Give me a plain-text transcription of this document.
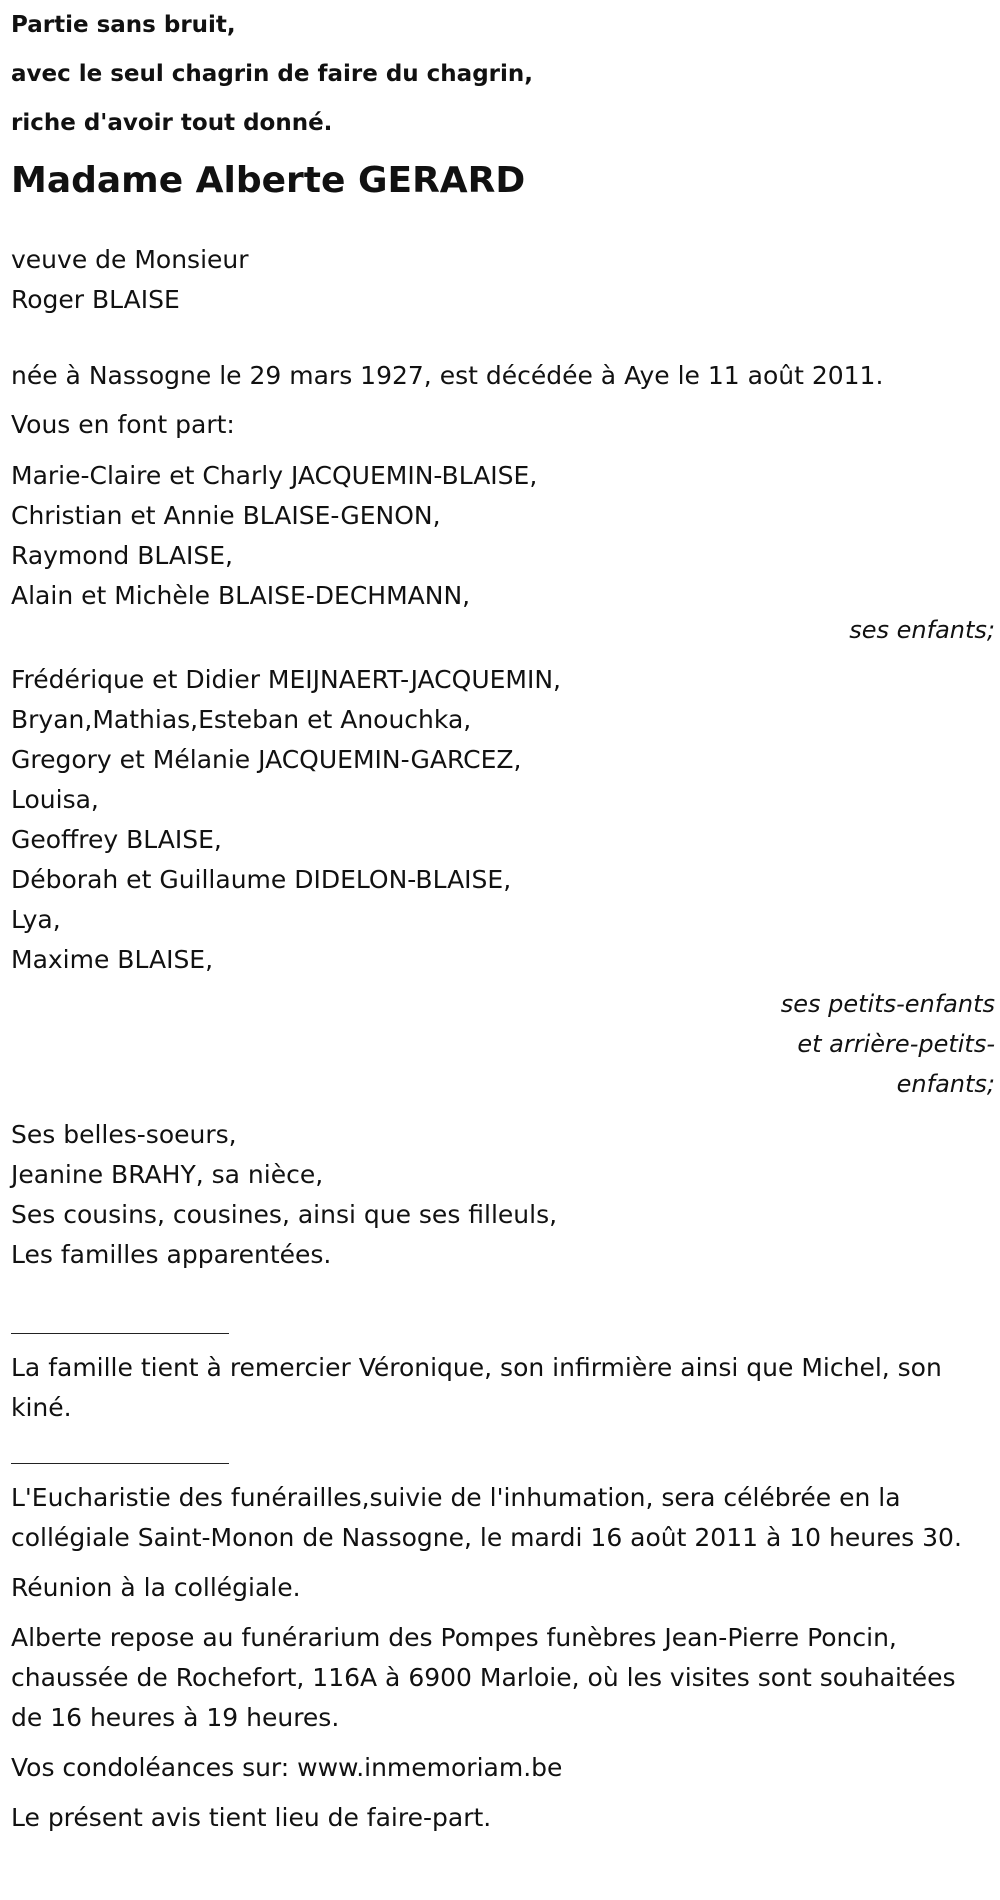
Partie sans bruit,
avec le seul chagrin de faire du chagrin,
riche d'avoir tout donné.
Madame Alberte GERARD
veuve de Monsieur
Roger BLAISE
née à Nassogne le 29 mars 1927, est décédée à Aye le 11 août 2011.
Vous en font part:
Marie-Claire et Charly JACQUEMIN-BLAISE,
Christian et Annie BLAISE-GENON,
Raymond BLAISE,
Alain et Michèle BLAISE-DECHMANN,
ses enfants;
Frédérique et Didier MEIJNAERT-JACQUEMIN,
Bryan,Mathias,Esteban et Anouchka,
Gregory et Mélanie JACQUEMIN-GARCEZ,
Louisa,
Geoffrey BLAISE,
Déborah et Guillaume DIDELON-BLAISE,
Lya,
Maxime BLAISE,
ses petits-enfants
et arrière-petits-
enfants;
Ses belles-soeurs,
Jeanine BRAHY, sa nièce,
Ses cousins, cousines, ainsi que ses filleuls,
Les familles apparentées.
La famille tient à remercier Véronique, son infirmière ainsi que Michel, son kiné.
L'Eucharistie des funérailles,suivie de l'inhumation, sera célébrée en la collégiale Saint-Monon de Nassogne, le mardi 16 août 2011 à 10 heures 30.
Réunion à la collégiale.
Alberte repose au funérarium des Pompes funèbres Jean-Pierre Poncin, chaussée de Rochefort, 116A à 6900 Marloie, où les visites sont souhaitées de 16 heures à 19 heures.
Vos condoléances sur: www.inmemoriam.be
Le présent avis tient lieu de faire-part.
